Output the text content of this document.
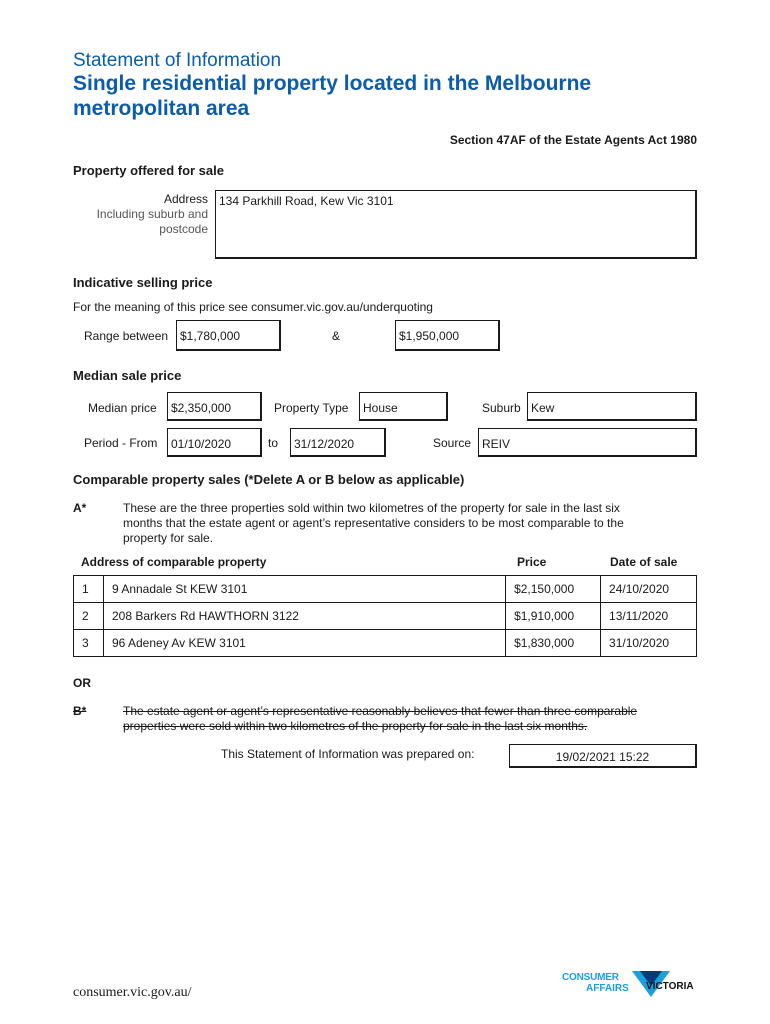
Statement of Information
Single residential property located in the Melbourne
metropolitan area
Section 47AF of the Estate Agents Act 1980
Property offered for sale
Address
Including suburb and
postcode
134 Parkhill Road, Kew Vic 3101
Indicative selling price
For the meaning of this price see consumer.vic.gov.au/underquoting
Range between $1,780,000	&	$1,950,000
Median sale price
Median price	$2,350,000	Property Type	House	Suburb Kew
Period - From	01/10/2020	to	31/12/2020	Source REIV
Comparable property sales (*Delete A or B below as applicable)
A*	These are the three properties sold within two kilometres of the property for sale in the last six
months that the estate agent or agent’s representative considers to be most comparable to the
property for sale.
Address of comparable property	Price	Date of sale
1	9 Annadale St KEW 3101	$2,150,000	24/10/2020
2	208 Barkers Rd HAWTHORN 3122	$1,910,000	13/11/2020
3	96 Adeney Av KEW 3101	$1,830,000	31/10/2020
OR
B*	The estate agent or agent’s representative reasonably believes that fewer than three comparable
properties were sold within two kilometres of the property for sale in the last six months.
This Statement of Information was prepared on:	19/02/2021 15:22
consumer.vic.gov.au/
CONSUMER
AFFAIRS VICTORIA
